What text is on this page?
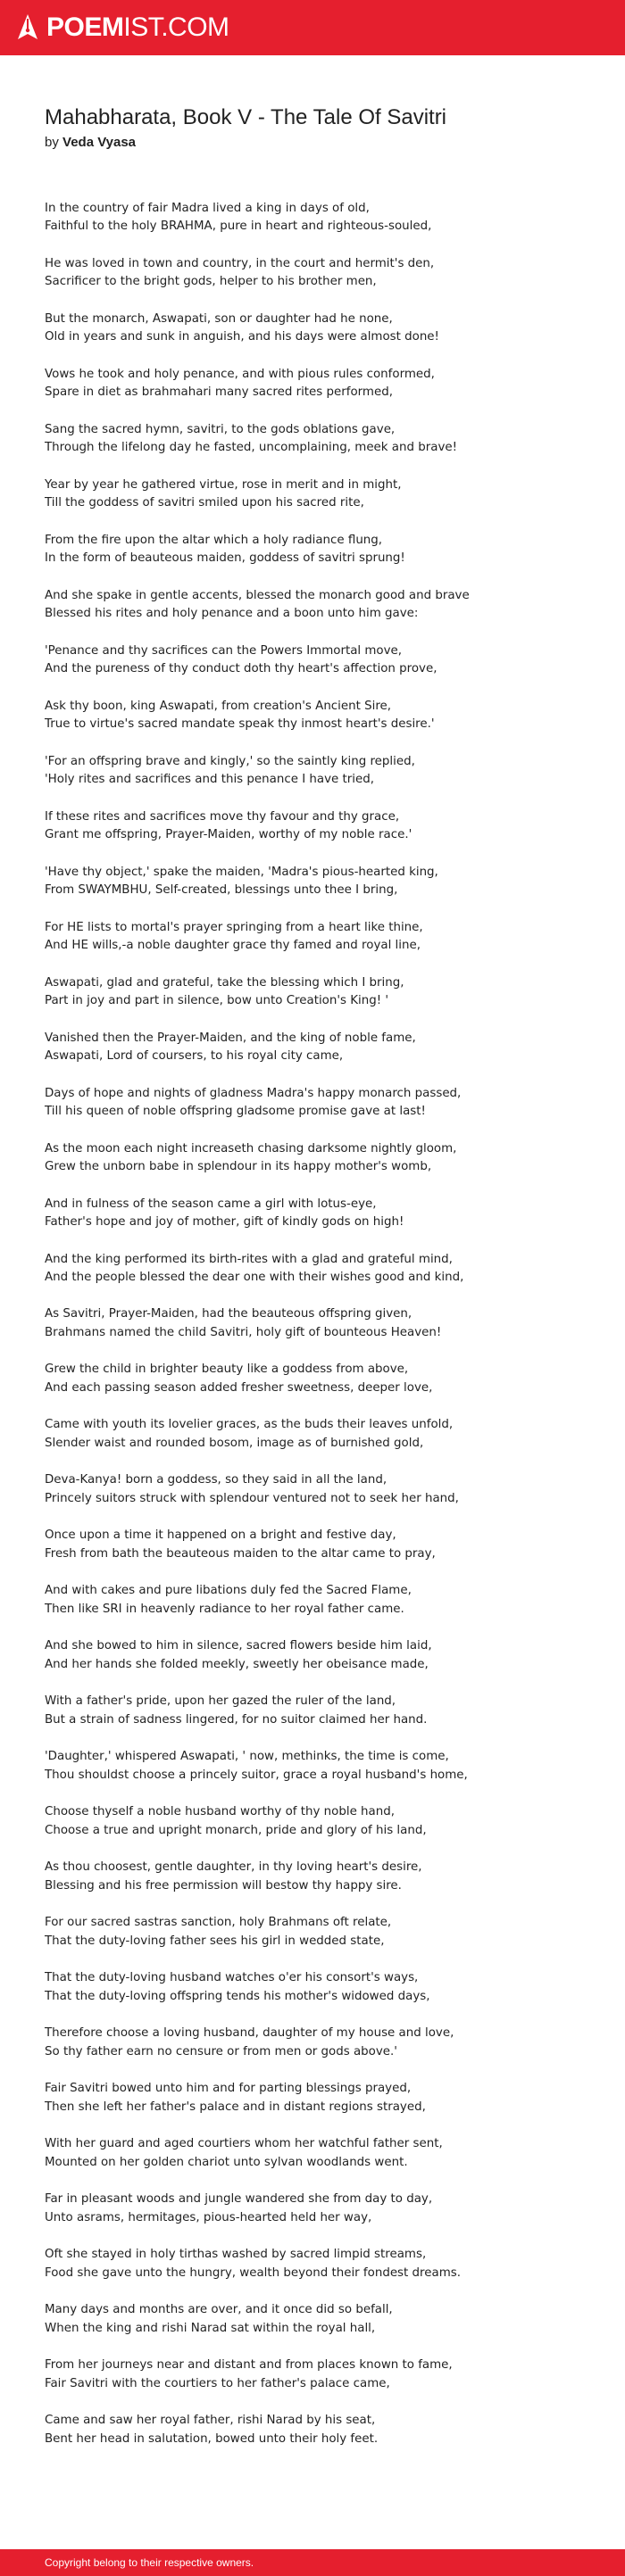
POEMIST.COM
Mahabharata, Book V - The Tale Of Savitri
by Veda Vyasa
In the country of fair Madra lived a king in days of old,
Faithful to the holy BRAHMA, pure in heart and righteous-souled,
He was loved in town and country, in the court and hermit's den,
Sacrificer to the bright gods, helper to his brother men,
But the monarch, Aswapati, son or daughter had he none,
Old in years and sunk in anguish, and his days were almost done!
Vows he took and holy penance, and with pious rules conformed,
Spare in diet as brahmahari many sacred rites performed,
Sang the sacred hymn, savitri, to the gods oblations gave,
Through the lifelong day he fasted, uncomplaining, meek and brave!
Year by year he gathered virtue, rose in merit and in might,
Till the goddess of savitri smiled upon his sacred rite,
From the fire upon the altar which a holy radiance flung,
In the form of beauteous maiden, goddess of savitri sprung!
And she spake in gentle accents, blessed the monarch good and brave
Blessed his rites and holy penance and a boon unto him gave:
'Penance and thy sacrifices can the Powers Immortal move,
And the pureness of thy conduct doth thy heart's affection prove,
Ask thy boon, king Aswapati, from creation's Ancient Sire,
True to virtue's sacred mandate speak thy inmost heart's desire.'
'For an offspring brave and kingly,' so the saintly king replied,
'Holy rites and sacrifices and this penance I have tried,
If these rites and sacrifices move thy favour and thy grace,
Grant me offspring, Prayer-Maiden, worthy of my noble race.'
'Have thy object,' spake the maiden, 'Madra's pious-hearted king,
From SWAYMBHU, Self-created, blessings unto thee I bring,
For HE lists to mortal's prayer springing from a heart like thine,
And HE wills,-a noble daughter grace thy famed and royal line,
Aswapati, glad and grateful, take the blessing which I bring,
Part in joy and part in silence, bow unto Creation's King! '
Vanished then the Prayer-Maiden, and the king of noble fame,
Aswapati, Lord of coursers, to his royal city came,
Days of hope and nights of gladness Madra's happy monarch passed,
Till his queen of noble offspring gladsome promise gave at last!
As the moon each night increaseth chasing darksome nightly gloom,
Grew the unborn babe in splendour in its happy mother's womb,
And in fulness of the season came a girl with lotus-eye,
Father's hope and joy of mother, gift of kindly gods on high!
And the king performed its birth-rites with a glad and grateful mind,
And the people blessed the dear one with their wishes good and kind,
As Savitri, Prayer-Maiden, had the beauteous offspring given,
Brahmans named the child Savitri, holy gift of bounteous Heaven!
Grew the child in brighter beauty like a goddess from above,
And each passing season added fresher sweetness, deeper love,
Came with youth its lovelier graces, as the buds their leaves unfold,
Slender waist and rounded bosom, image as of burnished gold,
Deva-Kanya! born a goddess, so they said in all the land,
Princely suitors struck with splendour ventured not to seek her hand,
Once upon a time it happened on a bright and festive day,
Fresh from bath the beauteous maiden to the altar came to pray,
And with cakes and pure libations duly fed the Sacred Flame,
Then like SRI in heavenly radiance to her royal father came.
And she bowed to him in silence, sacred flowers beside him laid,
And her hands she folded meekly, sweetly her obeisance made,
With a father's pride, upon her gazed the ruler of the land,
But a strain of sadness lingered, for no suitor claimed her hand.
'Daughter,' whispered Aswapati, ' now, methinks, the time is come,
Thou shouldst choose a princely suitor, grace a royal husband's home,
Choose thyself a noble husband worthy of thy noble hand,
Choose a true and upright monarch, pride and glory of his land,
As thou choosest, gentle daughter, in thy loving heart's desire,
Blessing and his free permission will bestow thy happy sire.
For our sacred sastras sanction, holy Brahmans oft relate,
That the duty-loving father sees his girl in wedded state,
That the duty-loving husband watches o'er his consort's ways,
That the duty-loving offspring tends his mother's widowed days,
Therefore choose a loving husband, daughter of my house and love,
So thy father earn no censure or from men or gods above.'
Fair Savitri bowed unto him and for parting blessings prayed,
Then she left her father's palace and in distant regions strayed,
With her guard and aged courtiers whom her watchful father sent,
Mounted on her golden chariot unto sylvan woodlands went.
Far in pleasant woods and jungle wandered she from day to day,
Unto asrams, hermitages, pious-hearted held her way,
Oft she stayed in holy tirthas washed by sacred limpid streams,
Food she gave unto the hungry, wealth beyond their fondest dreams.
Many days and months are over, and it once did so befall,
When the king and rishi Narad sat within the royal hall,
From her journeys near and distant and from places known to fame,
Fair Savitri with the courtiers to her father's palace came,
Came and saw her royal father, rishi Narad by his seat,
Bent her head in salutation, bowed unto their holy feet.
Copyright belong to their respective owners.
